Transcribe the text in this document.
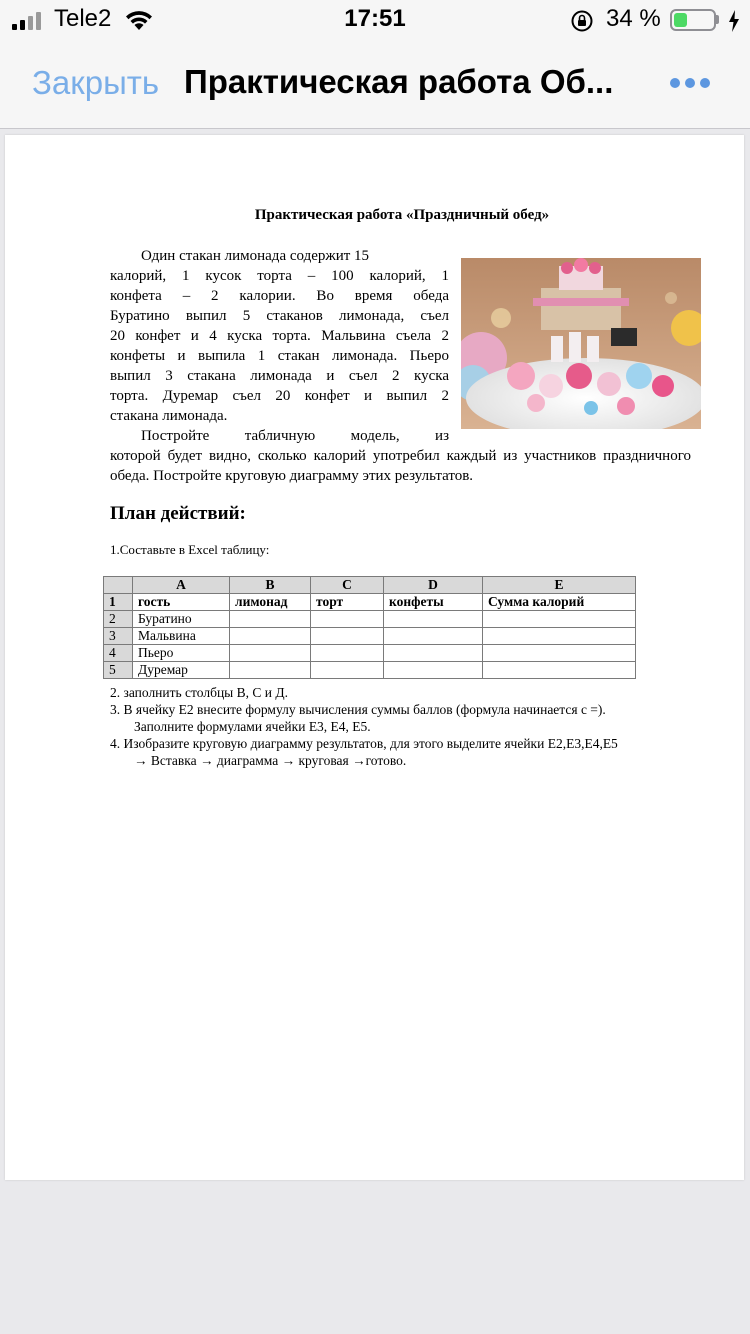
Tele2	17:51	34 %
Закрыть Практическая работа Об...
Практическая работа «Праздничный обед»
Один стакан лимонада содержит 15
калорий, 1 кусок торта – 100 калорий, 1
конфета – 2 калории. Во время обеда
Буратино выпил 5 стаканов лимонада, съел
20 конфет и 4 куска торта. Мальвина съела 2
конфеты и выпила 1 стакан лимонада. Пьеро
выпил 3 стакана лимонада и съел 2 куска
торта. Дуремар съел 20 конфет и выпил 2
стакана лимонада.
Постройте табличную модель, из

которой будет видно, сколько калорий употребил каждый из участников праздничного обеда. Постройте круговую диаграмму этих результатов.

План действий:
1.Составьте в Excel таблицу:
	A	B	C	D	E
1	гость	лимонад	торт	конфеты	Сумма калорий
2	Буратино				
3	Мальвина				
4	Пьеро				
5	Дуремар				
2. заполнить столбцы В, С и Д.
3. В ячейку Е2 внесите формулу вычисления суммы баллов (формула начинается с =).
Заполните формулами ячейки Е3, Е4, Е5.
4. Изобразите круговую диаграмму результатов, для этого выделите ячейки Е2,Е3,Е4,Е5
→ Вставка → диаграмма → круговая →готово.
